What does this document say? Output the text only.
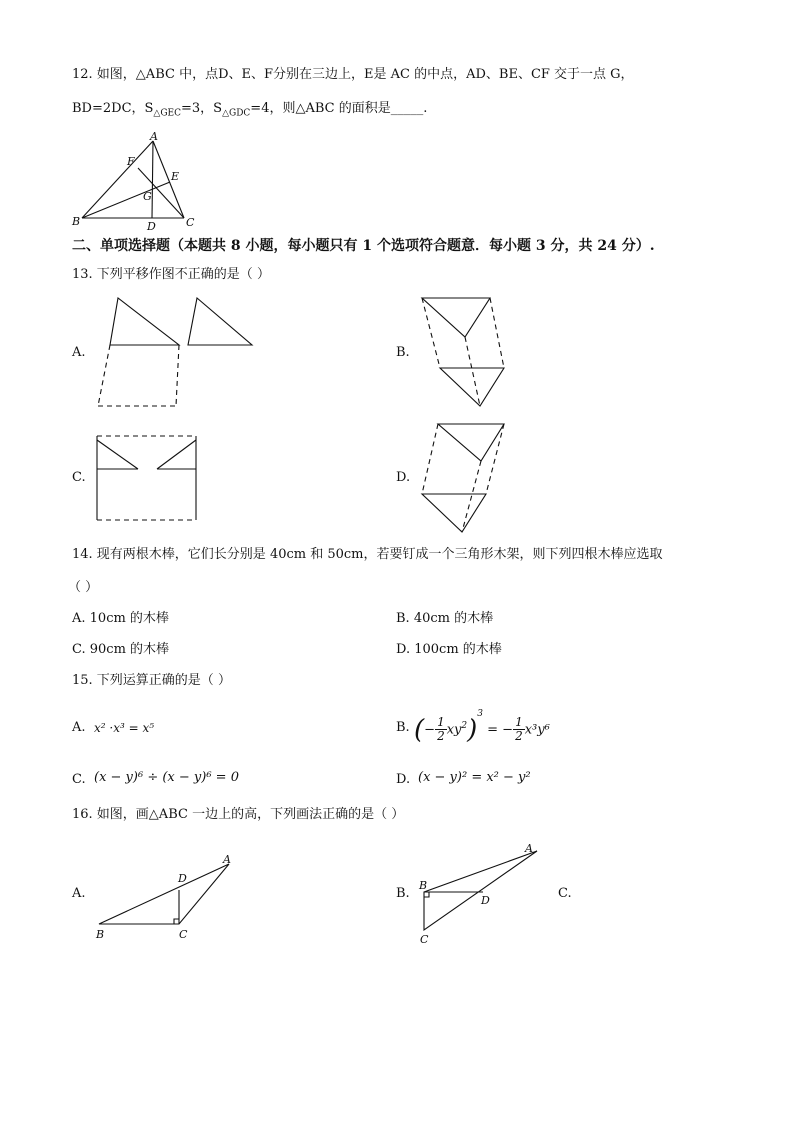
12. 如图，△ABC 中，点D、E、F分别在三边上，E是 AC 的中点，AD、BE、CF 交于一点 G，
BD=2DC，$S_{\triangle GEC}=3$，$S_{\triangle GDC}=4$，则△ABC 的面积是_____.
A
B	C
D
E
F
G
二、单项选择题（本题共 8 小题，每小题只有 1 个选项符合题意．每小题 3 分，共 24 分）.
13. 下列平移作图不正确的是（ ）
A.	B.
C.	D.
14. 现有两根木棒，它们长分别是 40cm 和 50cm，若要钉成一个三角形木架，则下列四根木棒应选取
（ ）
A. 10cm 的木棒	B. 40cm 的木棒
C. 90cm 的木棒	D. 100cm 的木棒
15. 下列运算正确的是（ ）
A. x² ·x³ = x⁵	B. (− $\frac{1}{2} xy^2)^3$ = − $\frac{1}{2} x^3y^6$
C. (x − y)⁶ ÷ (x − y)⁶ = 0	D. (x − y)² = x² − y²
16. 如图，画△ABC 一边上的高，下列画法正确的是（ ）
A.
A
B	C
D
B.
A
B
C
D	C.
